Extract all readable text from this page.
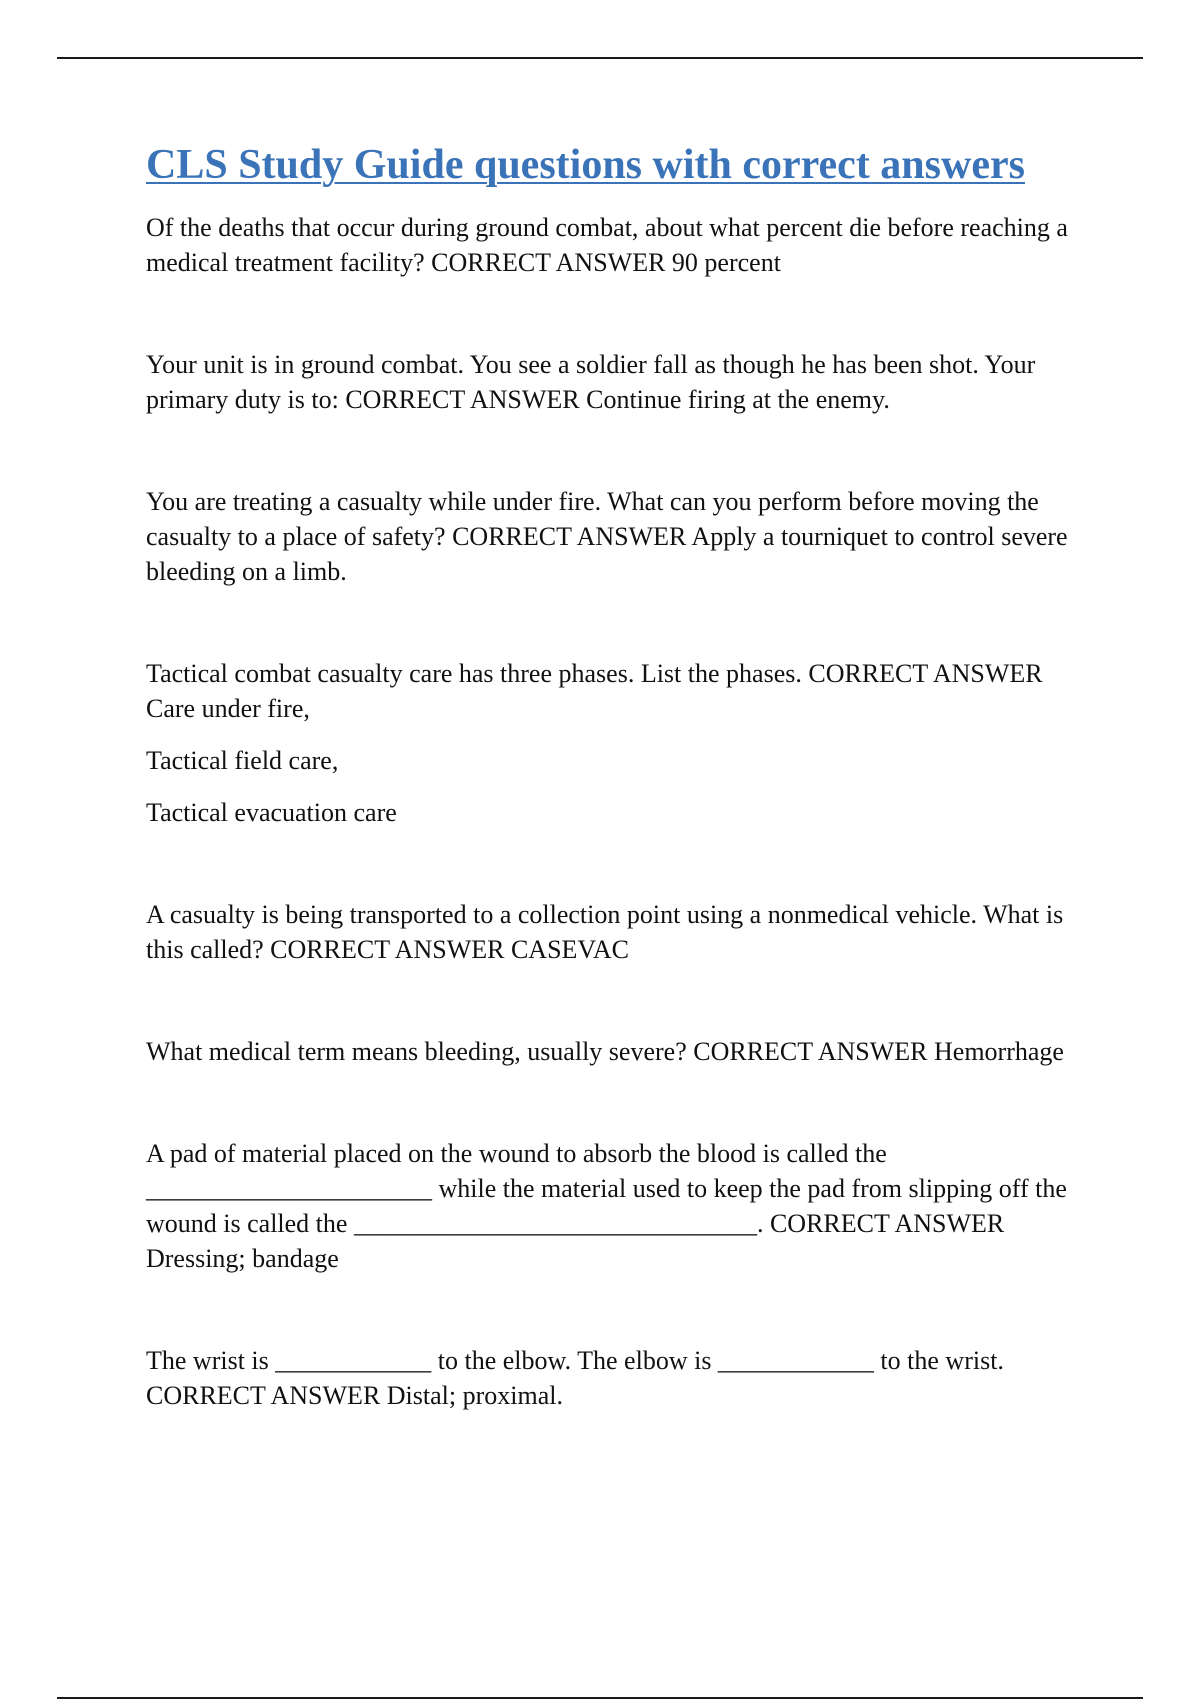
CLS Study Guide questions with correct answers

Of the deaths that occur during ground combat, about what percent die before reaching a medical treatment facility? CORRECT ANSWER 90 percent

Your unit is in ground combat. You see a soldier fall as though he has been shot. Your primary duty is to: CORRECT ANSWER Continue firing at the enemy.

You are treating a casualty while under fire. What can you perform before moving the casualty to a place of safety? CORRECT ANSWER Apply a tourniquet to control severe bleeding on a limb.

Tactical combat casualty care has three phases. List the phases. CORRECT ANSWER Care under fire,

Tactical field care,

Tactical evacuation care

A casualty is being transported to a collection point using a nonmedical vehicle. What is this called? CORRECT ANSWER CASEVAC

What medical term means bleeding, usually severe? CORRECT ANSWER Hemorrhage

A pad of material placed on the wound to absorb the blood is called the ______________________ while the material used to keep the pad from slipping off the wound is called the _______________________________. CORRECT ANSWER Dressing; bandage

The wrist is ____________ to the elbow. The elbow is ____________ to the wrist. CORRECT ANSWER Distal; proximal.
